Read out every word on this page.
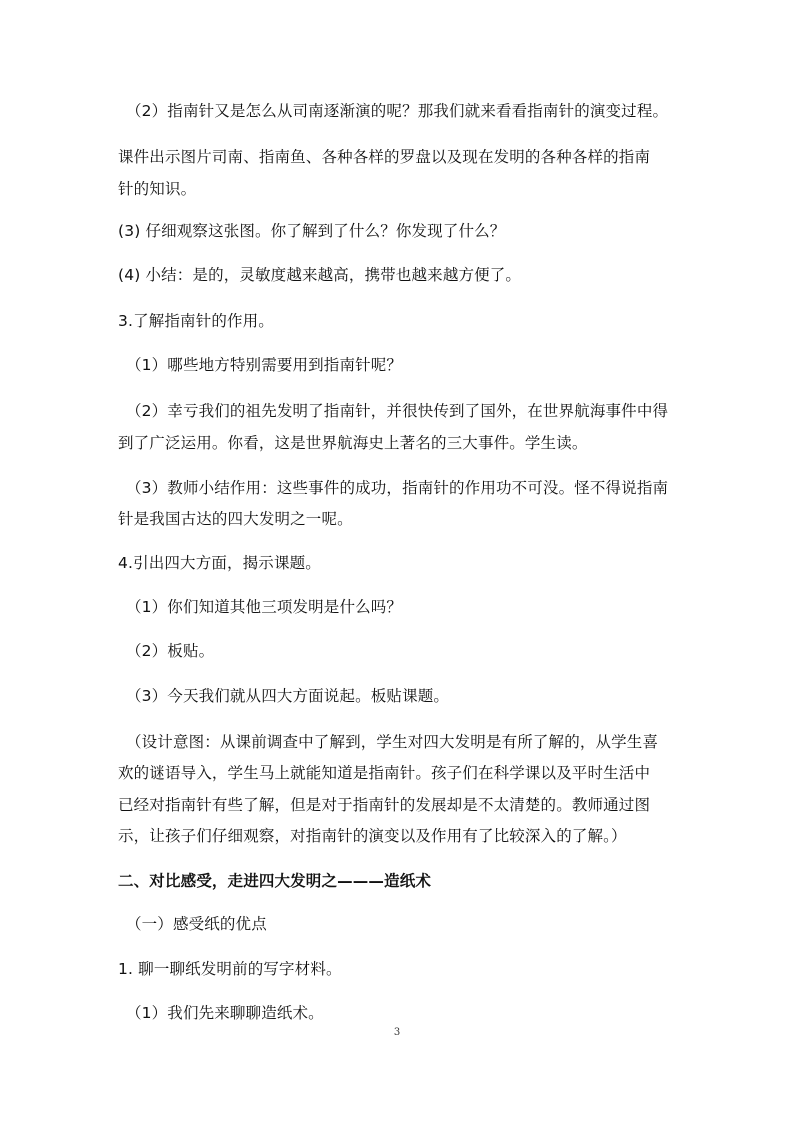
（2）指南针又是怎么从司南逐渐演的呢？那我们就来看看指南针的演变过程。
课件出示图片司南、指南鱼、各种各样的罗盘以及现在发明的各种各样的指南
针的知识。
(3) 仔细观察这张图。你了解到了什么？你发现了什么？
(4) 小结：是的，灵敏度越来越高，携带也越来越方便了。
3.了解指南针的作用。
（1）哪些地方特别需要用到指南针呢？
（2）幸亏我们的祖先发明了指南针，并很快传到了国外，在世界航海事件中得
到了广泛运用。你看，这是世界航海史上著名的三大事件。学生读。
（3）教师小结作用：这些事件的成功，指南针的作用功不可没。怪不得说指南
针是我国古达的四大发明之一呢。
4.引出四大方面，揭示课题。
（1）你们知道其他三项发明是什么吗？
（2）板贴。
（3）今天我们就从四大方面说起。板贴课题。
（设计意图：从课前调查中了解到，学生对四大发明是有所了解的，从学生喜
欢的谜语导入，学生马上就能知道是指南针。孩子们在科学课以及平时生活中
已经对指南针有些了解，但是对于指南针的发展却是不太清楚的。教师通过图
示，让孩子们仔细观察，对指南针的演变以及作用有了比较深入的了解。）
二、对比感受，走进四大发明之———造纸术
（一）感受纸的优点
1. 聊一聊纸发明前的写字材料。
（1）我们先来聊聊造纸术。
3
